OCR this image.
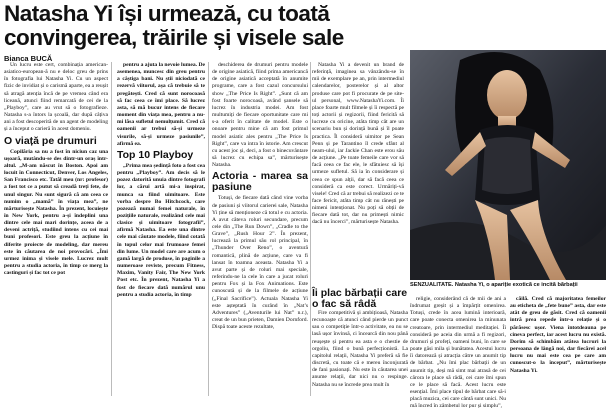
Natasha Yi își urmează, cu toată
convingerea, trăirile și visele sale
Bianca BUCĂ

Un lucru este cert, combinația american-asiatico-european-ă nu e deloc greu de prins în fotografia lui Natasha Yi. Cu un aspect fizic de invidiat și o carismă aparte, ea a reușit să atragă atenția încă de pe vremea când era liceană, atunci fiind remarcată de cei de la „Playboy”, care au vrut să o fotografieze. Natasha s-a întors la școală, dar după câțiva ani a fost descoperită de un agent de modeling și a început o carieră în acest domeniu.

O viață pe drumuri

Copilăria sa nu a fost în niciun caz una ușoară, mutându-se des dintr-un oraș într-altul. „M-am născut în Boston. Apoi am locuit în Connecticut, Denver, Los Angeles, San Francisco etc. Tatăl meu (nr: profesor) a fost tot ce a putut să creadă treți fete, de unul singur. Nu sunt sigură că am ceea ce numim o „mamă” în viața mea”, ne mărturisește Natasha. În prezent, locuiește în New York, pentru a-și îndeplini una dintre cele mai mari dorințe, aceea de a deveni actriță, studiind intens cu cei mai buni profesori. Este greu la acțiune în diferite proiecte de modeling, dar mereu este în căutarea de noi provocări. „Îmi urmez inima și visele mele. Lucrez mult pentru a studia actoria, în timp ce merg la castinguri și fac tot ce pot

pentru a ajuta la nevoie lumea. De asemenea, muncesc din greu pentru a câștiga bani. Nu știi niciodată ce rezervă viitorul, așa că trebuie să te pregătești. Cred că sunt norocoasă să fac ceea ce îmi place. Să lucrez asta, să mă bucur intens de fiecare moment din viața mea, pentru a nu-mi lăsa sufletul nemulțumit. Cred că oamenii ar trebui să-și urmeze visurile, să-și urmeze pasiunile”, afirmă ea.

Top 10 Playboy

„Prima mea ședință foto a fost cea pentru „Playboy”. Am decis să le pozez datorită unuia dintre fotografi lor, a cărui artă mi-a inspirat, munca sa fiind uimitoare. Este vorba despre Bo Hitchcock, care pozează numai femei naturale, în pozițiile naturale, realizând cele mai clasice și uimitoare fotografii”, afirmă Natasha. Ea este una dintre cele mai căutate modele, fiind cotată în topul celor mai frumoase femei din lume. Un model care are acum o gamă largă de produse, în paginile a numeroase reviste, precum Fitness, Maxim, Vanity Fair, The New York Post etc. În prezent, Natasha Yi a fost de fiecare dată numărul unu pentru a studia actoria, în timp

deschiderea de drumuri pentru modele de origine asiatică, fiind prima americancă de origine asiatică acceptată în anumite programe, care a fost cazul concursului show „The Price Is Right”. „Sunt că am fost foarte norocoasă, având șansele să lucrez în industria modei. Am fost multumiți de fiecare oportunitate care mi s-a oferit în calitate de model. Este o onoare pentru mine că am fost primul model asiatic ales pentru „The Price Is Right”, care va intra în istorie. Am crescut cu acest joc și, deci, a fost o binecuvântare să lucrez cu echipa sa”, mărturisește Natasha.

Actoria - marea sa pasiune

Totuși, de fiecare dată când vine vorba de pasiuni și viitorul carierei sale, Natasha Yi ține să menționeze că totul e cu actoria. A avut câteva roluri secundare, precum cele din „The Run Down”, „Cradle to the Grave”, „Rush Hour 2”. În prezent, lucrează la primul său rol principal, în „Thunder Over Reno”, o aventură romantică, plină de acțiune, care va fi lansat în toamna aceasta. Natasha Yi a avut parte și de roluri mai speciale, referindu-ne la cele în care a jucat roluri pentru Fox și la Fox Animations. Este cunoscută și de la filmele de acțiune („Final Sacrifice”). Actuala Natasha Yi este așteptată în curând în „Nat’s Adventures” („Aventurile lui Nat” n.r.), creat de un bun prieten, Damien Dornford. Dispă toate aceste rezultate,

Natasha Yi a devenit un brand de referință, imaginea sa vânzându-se în mii de exemplare pe an, prin intermediul calendarelor, posterelor și al altor produse care pot fi procurate de pe site-ul personal, www.NatashaYi.com. Îi place foarte mult filmele și îi respectă pe toți actorii și regizorii, fiind fericită să lucreze cu oricine, atâta timp cât are un scenariu bun și dorință bună și îl poate practica. Îl consideră uimitor pe Sean Penn și pe Tarantino îl crede sfânt al neam-ului, iar Jackie Chan este erou său de acțiune. „Pe toate femeile care vor să facă ceea ce fac ele, le sfătuiesc să își urmeze sufletul. Să ia în considerare și ceea ce spun alții, dar să facă ceea ce consideră ca este corect. Urmăriți-vă visele! Cred că ar trebui să realizezi ce te face fericit, atâta timp cât nu rănești pe nimeni intenționat. Nu poți să obții de fiecare dată tot, dar nu primești nimic dacă nu încerci”, mărturisește Natasha.

SENZUALITATE. Natasha Yi, o apariție exotică ce incită bărbații
Îi plac bărbații care o fac să râdă

Fire competitivă și ambițioasă, Natasha recunoaște că atunci când pierde un punct sau o competiție într-o activitate, ea nu se lasă ușor învinsă, ci încearcă din nou până reușește și pentru ea asta e o chestie de orgoliu, fiind o bună perfecționistă. La capitolul relații, Natasha Yi preferă să fie discretă, cu toate că e mereu înconjurată de fani pasionați. Nu este în căutarea unei anume relații, dar nici nu o respinge. Natasha nu se încrede prea mult în

religie, considerând că de mii de ani a îndrumat greșit și a împărțit omenirea. Totuși, crede în acea lumină interioară, care poate conecta omenirea la minunata creatoare, prin intermediul meditației. Îi consideră pe aceia din urmă a fi regizori, drumuri și profeți, oameni buni, în care se poate găsi mila și bunătatea. Acestui lucru îi datorează și atracția către un anumit tip de bărbat. „Nu îmi plac bărbații de un anumit tip, deși mă simt mai atrasă de cei cărora le place să râdă, cei care îmi spun ce le place să facă. Acest lucru este esențial. Îmi place tipul de bărbat care să-i placă muzica, cei care cântă sunt unici. Nu mă încred în zâmbetul lor pur și simplu”,

căilă. Cred că majoritatea femeilor au eticheta de „fete bune” asta, dar este atât de greu de găsit. Cred că oamenii intră prea repede într-o relație și o părăsesc ușor. Viena întotdeauna pe cineva perfect, iar acest lucru nu există. Dorim să schimbăm atâtea lucruri la persoana de lângă noi, dar fiecărei acel lucru nu mai este cea pe care am cunoscut-o la început”, mărturisește Natasha Yi.
